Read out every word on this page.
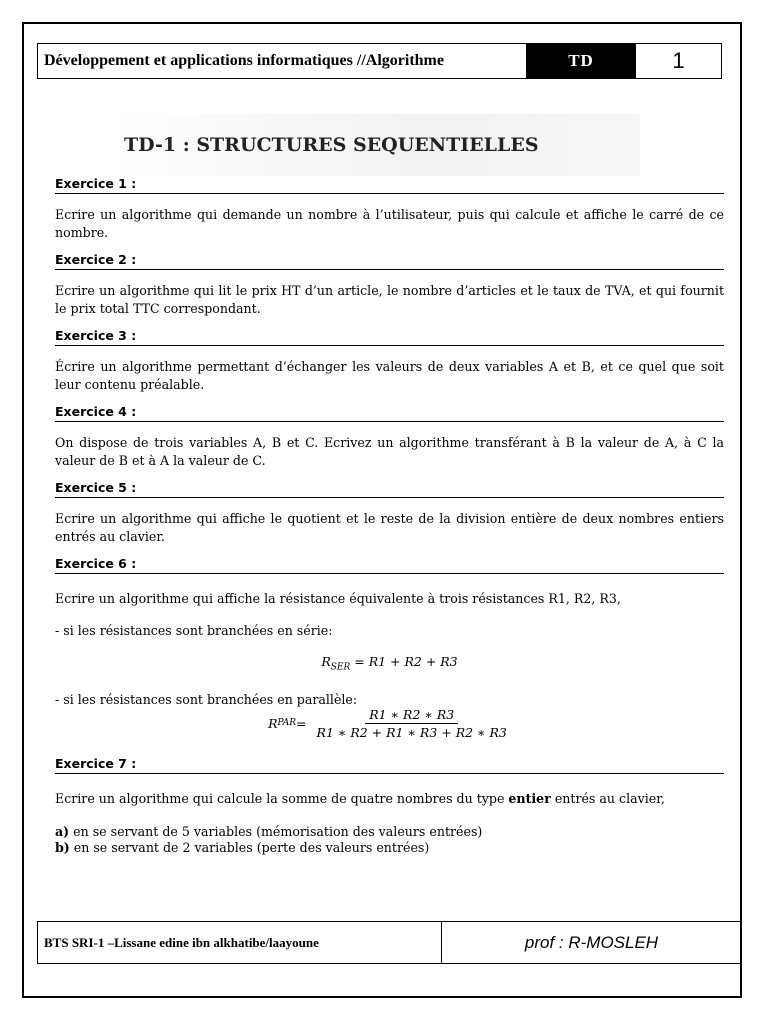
Développement et applications informatiques //Algorithme	TD	1
TD-1 : STRUCTURES SEQUENTIELLES
Exercice 1 :

Ecrire un algorithme qui demande un nombre à l’utilisateur, puis qui calcule et affiche le carré de ce nombre.

Exercice 2 :

Ecrire un algorithme qui lit le prix HT d’un article, le nombre d’articles et le taux de TVA, et qui fournit le prix total TTC correspondant.

Exercice 3 :

Écrire un algorithme permettant d’échanger les valeurs de deux variables A et B, et ce quel que soit leur contenu préalable.

Exercice 4 :

On dispose de trois variables A, B et C. Ecrivez un algorithme transférant à B la valeur de A, à C la valeur de B et à A la valeur de C.

Exercice 5 :

Ecrire un algorithme qui affiche le quotient et le reste de la division entière de deux nombres entiers entrés au clavier.

Exercice 6 :

Ecrire un algorithme qui affiche la résistance équivalente à trois résistances R1, R2, R3,

- si les résistances sont branchées en série:

$R_{SER} = R1 + R2 + R3$

- si les résistances sont branchées en parallèle:

R PAR = $\frac{R1 ∗ R2 ∗ R3}{R1 ∗ R2 + R1 ∗ R3 + R2 ∗ R3}$
Exercice 7 :

Ecrire un algorithme qui calcule la somme de quatre nombres du type entier entrés au clavier,

a) en se servant de 5 variables (mémorisation des valeurs entrées)
b) en se servant de 2 variables (perte des valeurs entrées)
BTS SRI-1 –Lissane edine ibn alkhatibe/laayoune	prof : R-MOSLEH
